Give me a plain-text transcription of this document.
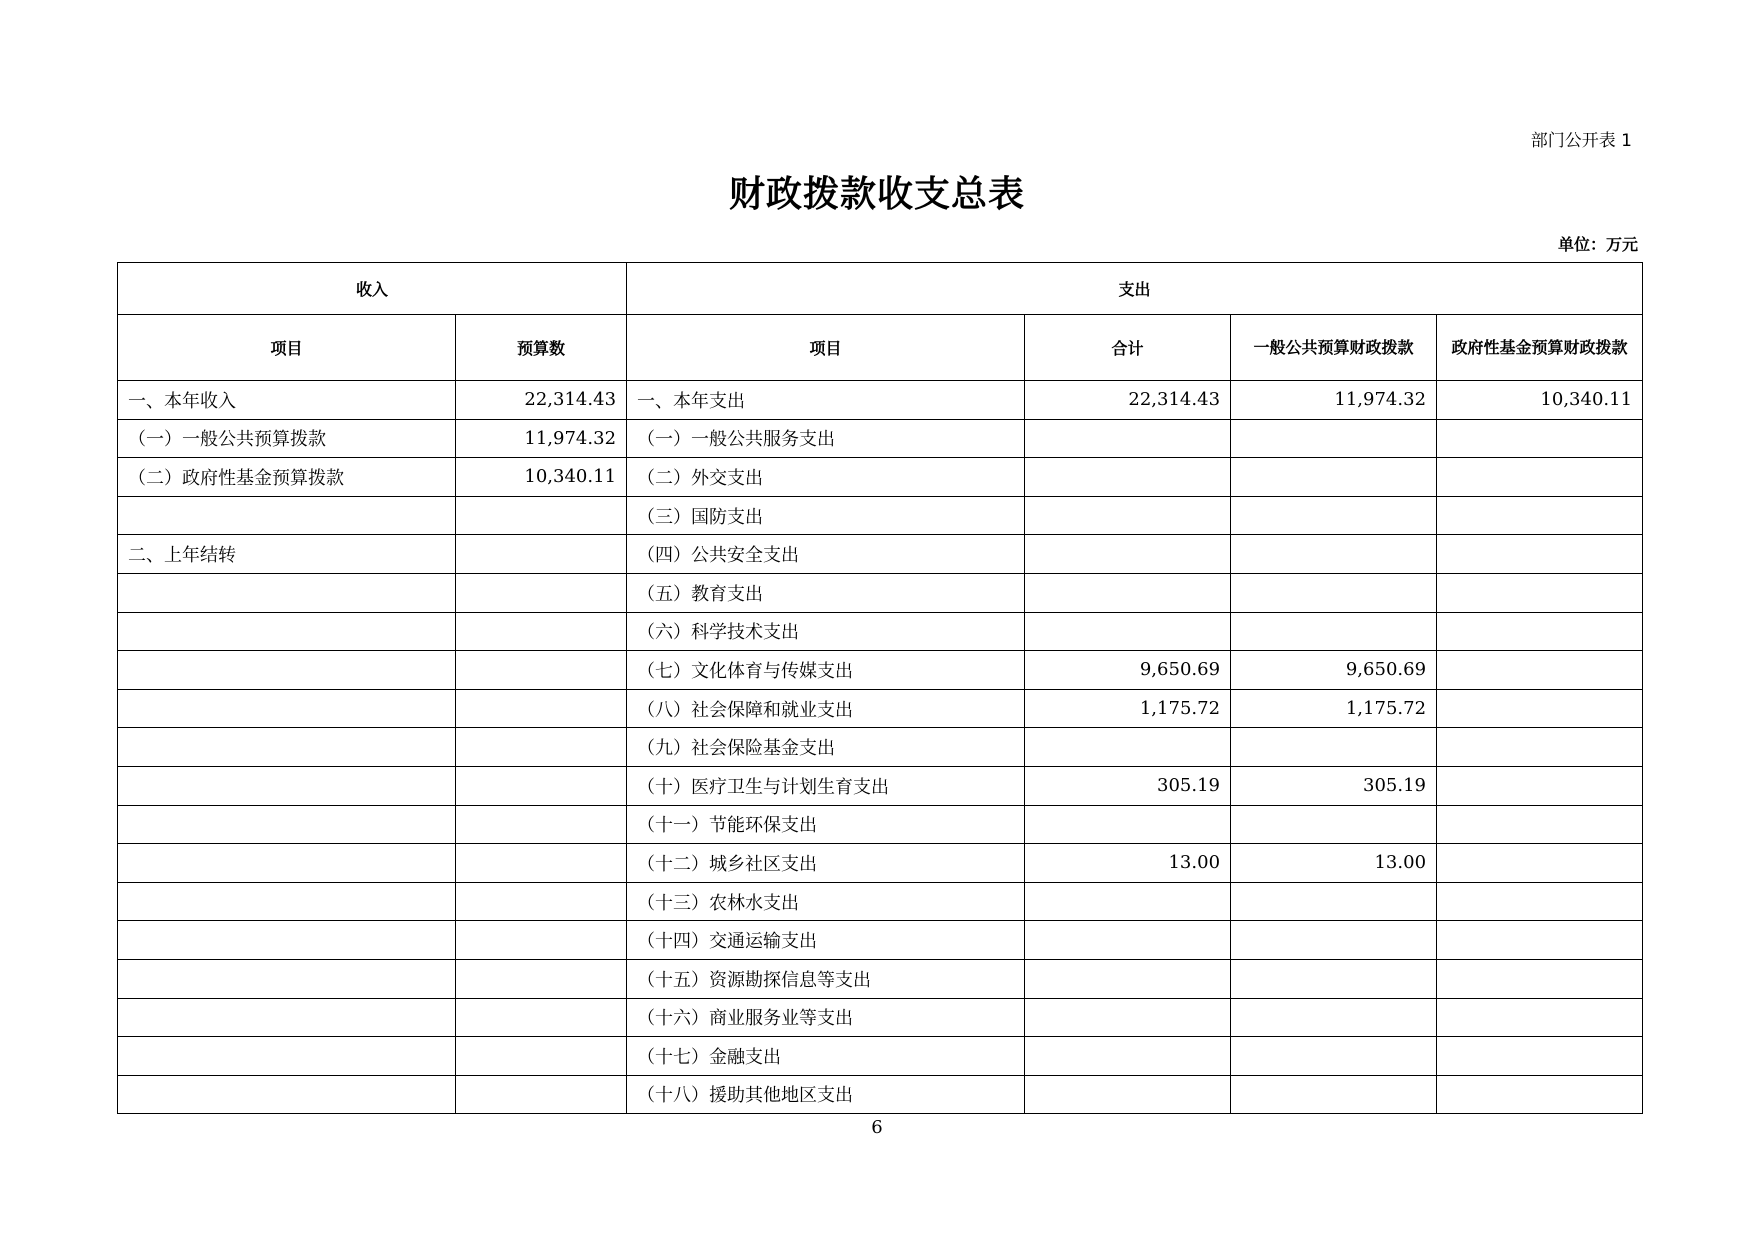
部门公开表 1
财政拨款收支总表
单位：万元
收入		支出			
项目	预算数	项目	合计	一般公共预算财政拨款	政府性基金预算财政拨款
一、本年收入	22,314.43	一、本年支出	22,314.43	11,974.32	10,340.11
（一）一般公共预算拨款	11,974.32	（一）一般公共服务支出			
（二）政府性基金预算拨款	10,340.11	（二）外交支出			
		（三）国防支出			
二、上年结转		（四）公共安全支出			
		（五）教育支出			
		（六）科学技术支出			
		（七）文化体育与传媒支出	9,650.69	9,650.69	
		（八）社会保障和就业支出	1,175.72	1,175.72	
		（九）社会保险基金支出			
		（十）医疗卫生与计划生育支出	305.19	305.19	
		（十一）节能环保支出			
		（十二）城乡社区支出	13.00	13.00	
		（十三）农林水支出			
		（十四）交通运输支出			
		（十五）资源勘探信息等支出			
		（十六）商业服务业等支出			
		（十七）金融支出			
		（十八）援助其他地区支出			
6
